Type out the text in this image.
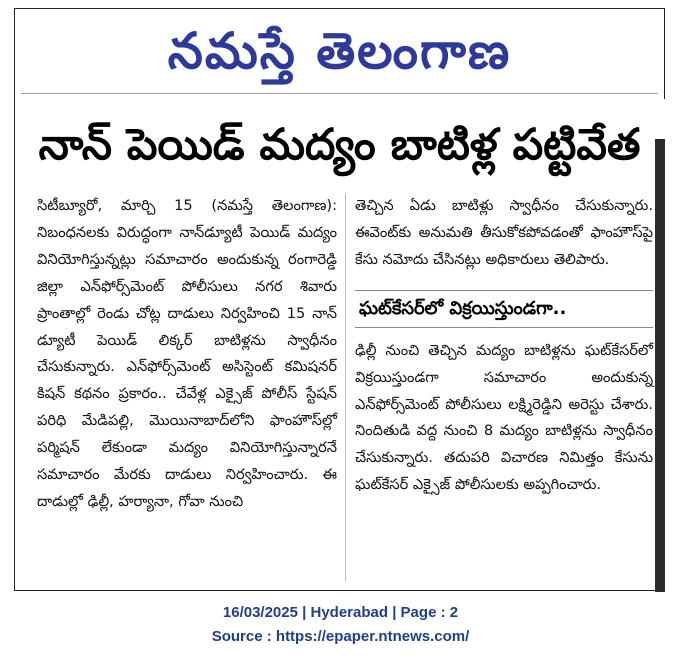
నమస్తే తెలంగాణ
నాన్ పెయిడ్ మద్యం బాటిళ్ల పట్టివేత

సిటీబ్యూరో, మార్చి 15 (నమస్తే తెలంగాణ): నిబంధనలకు విరుద్ధంగా నాన్‌డ్యూటీ పెయిడ్ మద్యం వినియోగిస్తున్నట్లు సమాచారం అందుకున్న రంగారెడ్డి జిల్లా ఎన్‌ఫోర్స్‌మెంట్ పోలీసులు నగర శివారు ప్రాంతాల్లో రెండు చోట్ల దాడులు నిర్వహించి 15 నాన్ డ్యూటీ పెయిడ్ లిక్కర్ బాటిళ్లను స్వాధీనం చేసుకున్నారు. ఎన్‌ఫోర్స్‌మెంట్ అసిస్టెంట్ కమిషనర్ కిషన్ కథనం ప్రకారం.. చేవేళ్ల ఎక్సైజ్ పోలీస్ స్టేషన్ పరిధి మేడిపల్లి, మొయినాబాద్‌లోని ఫాంహౌస్‌ల్లో పర్మిషన్ లేకుండా మద్యం వినియోగిస్తున్నారనే సమాచారం మేరకు దాడులు నిర్వహించారు. ఈ దాడుల్లో ఢిల్లీ, హర్యానా, గోవా నుంచి

తెచ్చిన ఏడు బాటిళ్లు స్వాధీనం చేసుకున్నారు. ఈవెంట్‌కు అనుమతి తీసుకోకపోవడంతో ఫాంహౌస్‌పై కేసు నమోదు చేసినట్లు అధికారులు తెలిపారు.

ఘట్‌కేసర్‌లో విక్రయిస్తుండగా..

ఢిల్లీ నుంచి తెచ్చిన మద్యం బాటిళ్లను ఘట్‌కేసర్‌లో విక్రయిస్తుండగా సమాచారం అందుకున్న ఎన్‌ఫోర్స్‌మెంట్ పోలీసులు లక్ష్మిరెడ్డిని అరెస్టు చేశారు. నిందితుడి వద్ద నుంచి 8 మద్యం బాటిళ్లను స్వాధీనం చేసుకున్నారు. తదుపరి విచారణ నిమిత్తం కేసును ఘట్‌కేసర్ ఎక్సైజ్ పోలీసులకు అప్పగించారు.

16/03/2025 | Hyderabad | Page : 2
Source : https://epaper.ntnews.com/
